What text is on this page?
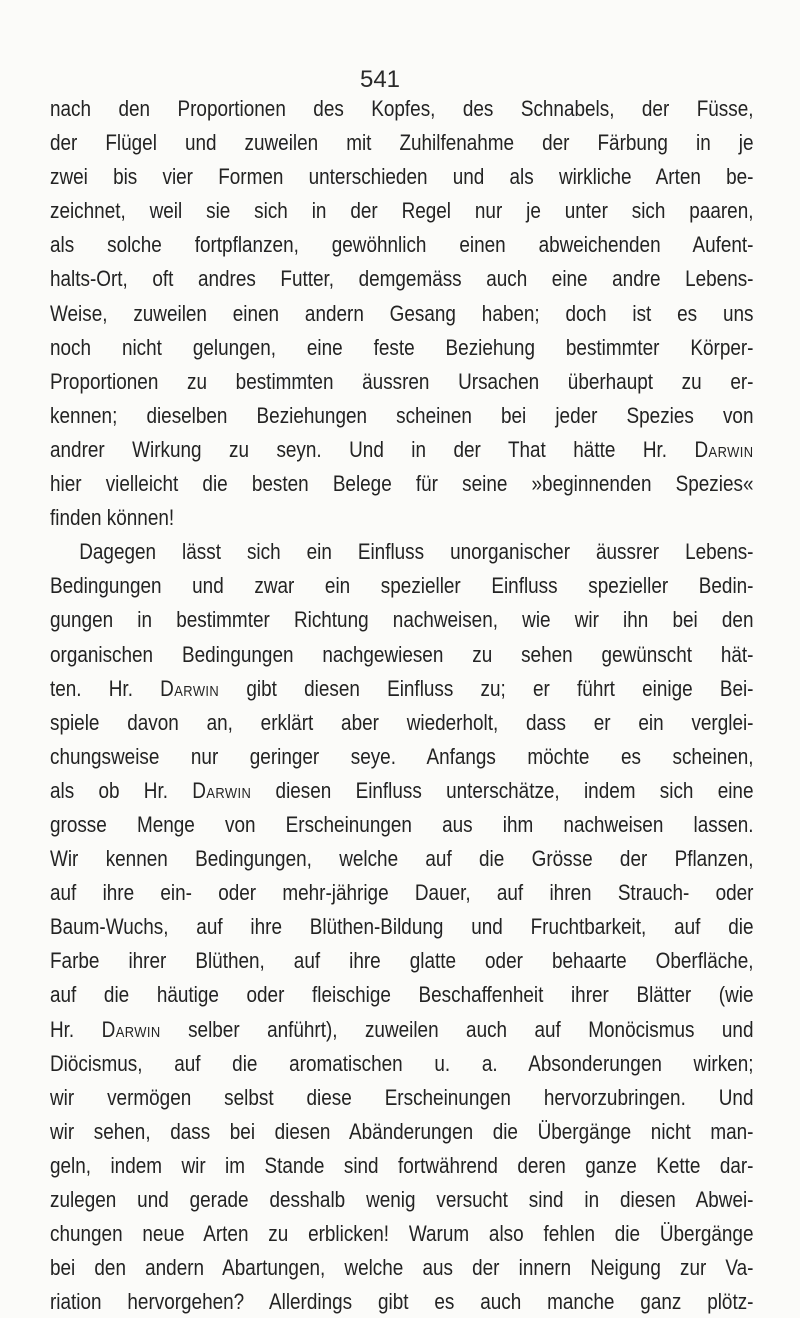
541
nach den Proportionen des Kopfes, des Schnabels, der Füsse,
der Flügel und zuweilen mit Zuhilfenahme der Färbung in je
zwei bis vier Formen unterschieden und als wirkliche Arten be-
zeichnet, weil sie sich in der Regel nur je unter sich paaren,
als solche fortpflanzen, gewöhnlich einen abweichenden Aufent-
halts-Ort, oft andres Futter, demgemäss auch eine andre Lebens-
Weise, zuweilen einen andern Gesang haben; doch ist es uns
noch nicht gelungen, eine feste Beziehung bestimmter Körper-
Proportionen zu bestimmten äussren Ursachen überhaupt zu er-
kennen; dieselben Beziehungen scheinen bei jeder Spezies von
andrer Wirkung zu seyn. Und in der That hätte Hr. Darwin
hier vielleicht die besten Belege für seine »beginnenden Spezies«
finden können!
Dagegen lässt sich ein Einfluss unorganischer äussrer Lebens-
Bedingungen und zwar ein spezieller Einfluss spezieller Bedin-
gungen in bestimmter Richtung nachweisen, wie wir ihn bei den
organischen Bedingungen nachgewiesen zu sehen gewünscht hät-
ten. Hr. Darwin gibt diesen Einfluss zu; er führt einige Bei-
spiele davon an, erklärt aber wiederholt, dass er ein verglei-
chungsweise nur geringer seye. Anfangs möchte es scheinen,
als ob Hr. Darwin diesen Einfluss unterschätze, indem sich eine
grosse Menge von Erscheinungen aus ihm nachweisen lassen.
Wir kennen Bedingungen, welche auf die Grösse der Pflanzen,
auf ihre ein- oder mehr-jährige Dauer, auf ihren Strauch- oder
Baum-Wuchs, auf ihre Blüthen-Bildung und Fruchtbarkeit, auf die
Farbe ihrer Blüthen, auf ihre glatte oder behaarte Oberfläche,
auf die häutige oder fleischige Beschaffenheit ihrer Blätter (wie
Hr. Darwin selber anführt), zuweilen auch auf Monöcismus und
Diöcismus, auf die aromatischen u. a. Absonderungen wirken;
wir vermögen selbst diese Erscheinungen hervorzubringen. Und
wir sehen, dass bei diesen Abänderungen die Übergänge nicht man-
geln, indem wir im Stande sind fortwährend deren ganze Kette dar-
zulegen und gerade desshalb wenig versucht sind in diesen Abwei-
chungen neue Arten zu erblicken! Warum also fehlen die Übergänge
bei den andern Abartungen, welche aus der innern Neigung zur Va-
riation hervorgehen? Allerdings gibt es auch manche ganz plötz-
